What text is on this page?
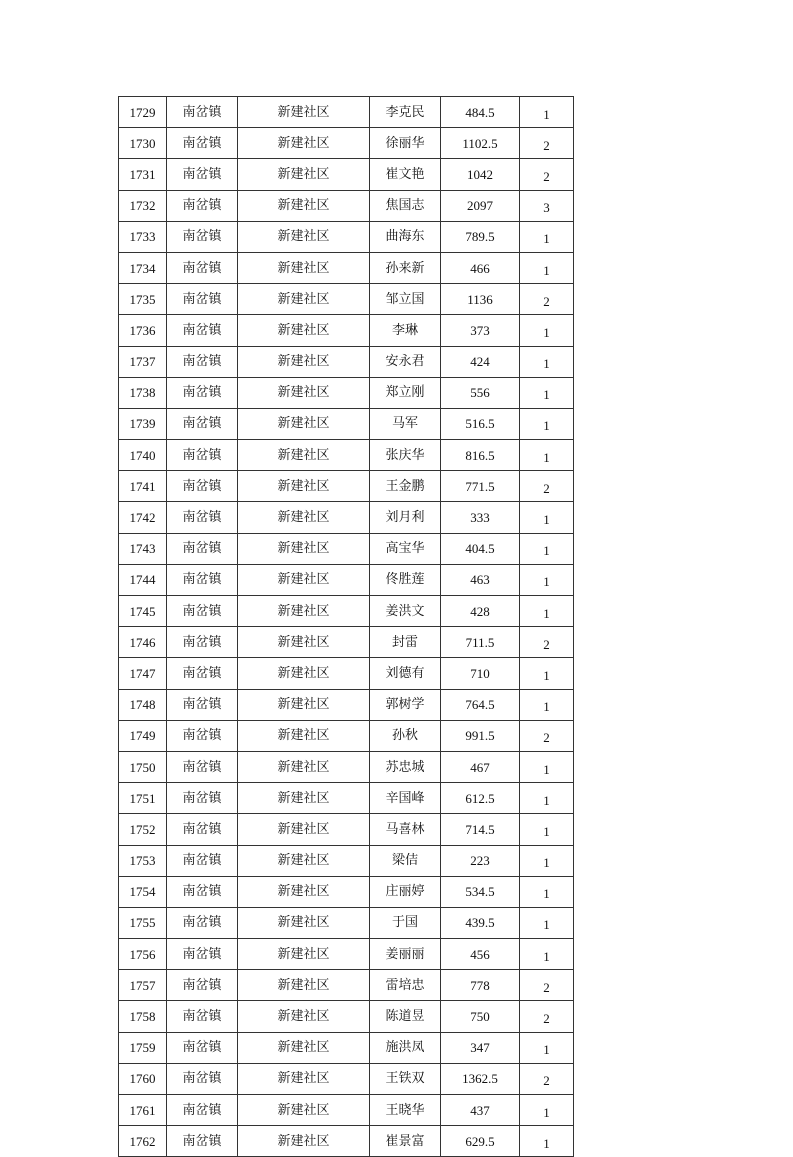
1729	南岔镇	新建社区	李克民	484.5	1
1730	南岔镇	新建社区	徐丽华	1102.5	2
1731	南岔镇	新建社区	崔文艳	1042	2
1732	南岔镇	新建社区	焦国志	2097	3
1733	南岔镇	新建社区	曲海东	789.5	1
1734	南岔镇	新建社区	孙来新	466	1
1735	南岔镇	新建社区	邹立国	1136	2
1736	南岔镇	新建社区	李琳	373	1
1737	南岔镇	新建社区	安永君	424	1
1738	南岔镇	新建社区	郑立刚	556	1
1739	南岔镇	新建社区	马军	516.5	1
1740	南岔镇	新建社区	张庆华	816.5	1
1741	南岔镇	新建社区	王金鹏	771.5	2
1742	南岔镇	新建社区	刘月利	333	1
1743	南岔镇	新建社区	高宝华	404.5	1
1744	南岔镇	新建社区	佟胜莲	463	1
1745	南岔镇	新建社区	姜洪文	428	1
1746	南岔镇	新建社区	封雷	711.5	2
1747	南岔镇	新建社区	刘德有	710	1
1748	南岔镇	新建社区	郭树学	764.5	1
1749	南岔镇	新建社区	孙秋	991.5	2
1750	南岔镇	新建社区	苏忠城	467	1
1751	南岔镇	新建社区	辛国峰	612.5	1
1752	南岔镇	新建社区	马喜林	714.5	1
1753	南岔镇	新建社区	梁佶	223	1
1754	南岔镇	新建社区	庄丽婷	534.5	1
1755	南岔镇	新建社区	于国	439.5	1
1756	南岔镇	新建社区	姜丽丽	456	1
1757	南岔镇	新建社区	雷培忠	778	2
1758	南岔镇	新建社区	陈道昱	750	2
1759	南岔镇	新建社区	施洪凤	347	1
1760	南岔镇	新建社区	王铁双	1362.5	2
1761	南岔镇	新建社区	王晓华	437	1
1762	南岔镇	新建社区	崔景富	629.5	1
